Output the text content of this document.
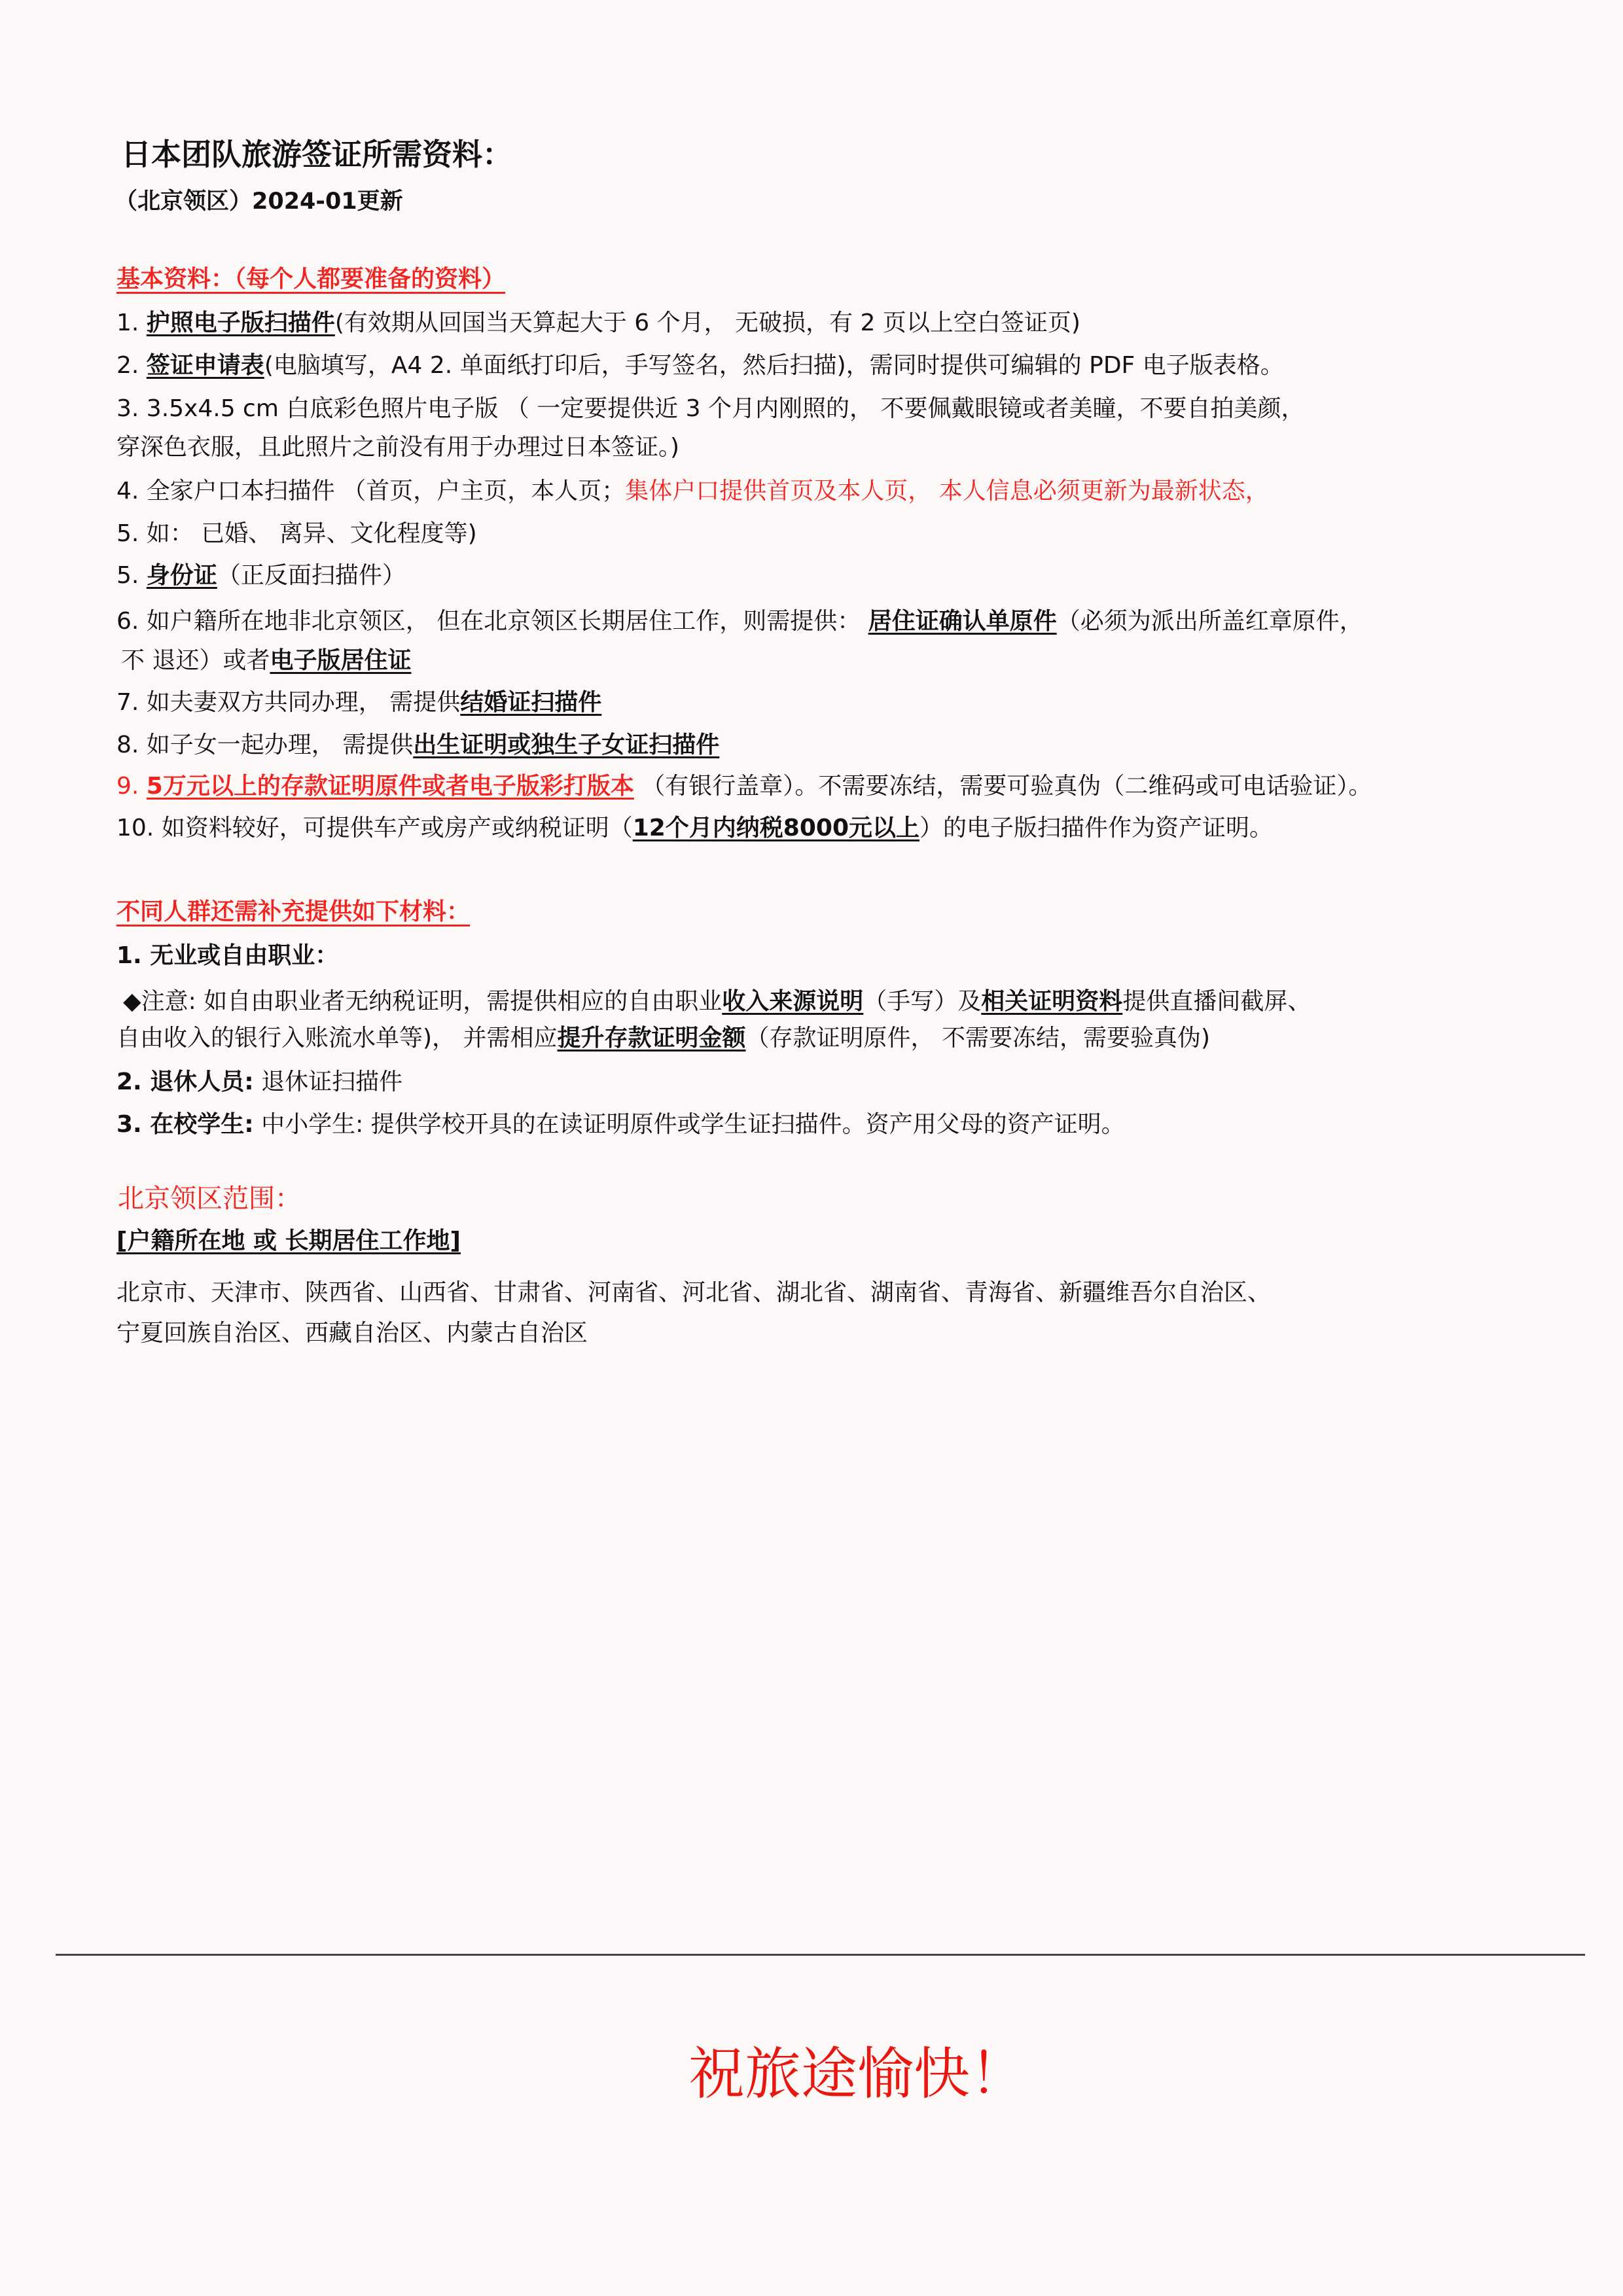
日本团队旅游签证所需资料：
（北京领区）2024-01更新
基本资料：（每个人都要准备的资料）
1. 护照电子版扫描件(有效期从回国当天算起大于 6 个月， 无破损，有 2 页以上空白签证页)
2. 签证申请表(电脑填写，A4 2. 单面纸打印后，手写签名，然后扫描)，需同时提供可编辑的 PDF 电子版表格。
3. 3.5x4.5 cm 白底彩色照片电子版 （ 一定要提供近 3 个月内刚照的， 不要佩戴眼镜或者美瞳，不要自拍美颜，
穿深色衣服，且此照片之前没有用于办理过日本签证。)
4. 全家户口本扫描件 （首页，户主页，本人页；集体户口提供首页及本人页， 本人信息必须更新为最新状态，
5. 如： 已婚、 离异、文化程度等)
5. 身份证（正反面扫描件）
6. 如户籍所在地非北京领区， 但在北京领区长期居住工作，则需提供： 居住证确认单原件（必须为派出所盖红章原件，
不 退还）或者电子版居住证
7. 如夫妻双方共同办理， 需提供结婚证扫描件
8. 如子女一起办理， 需提供出生证明或独生子女证扫描件
9. 5万元以上的存款证明原件或者电子版彩打版本 （有银行盖章）。不需要冻结，需要可验真伪（二维码或可电话验证）。
10. 如资料较好，可提供车产或房产或纳税证明（12个月内纳税8000元以上）的电子版扫描件作为资产证明。
不同人群还需补充提供如下材料：
1. 无业或自由职业：
◆注意: 如自由职业者无纳税证明，需提供相应的自由职业收入来源说明（手写）及相关证明资料提供直播间截屏、
自由收入的银行入账流水单等)， 并需相应提升存款证明金额（存款证明原件， 不需要冻结，需要验真伪)
2. 退休人员: 退休证扫描件
3. 在校学生: 中小学生: 提供学校开具的在读证明原件或学生证扫描件。资产用父母的资产证明。
北京领区范围：
[户籍所在地 或 长期居住工作地]
北京市、天津市、陕西省、山西省、甘肃省、河南省、河北省、湖北省、湖南省、青海省、新疆维吾尔自治区、
宁夏回族自治区、西藏自治区、内蒙古自治区
祝旅途愉快！
